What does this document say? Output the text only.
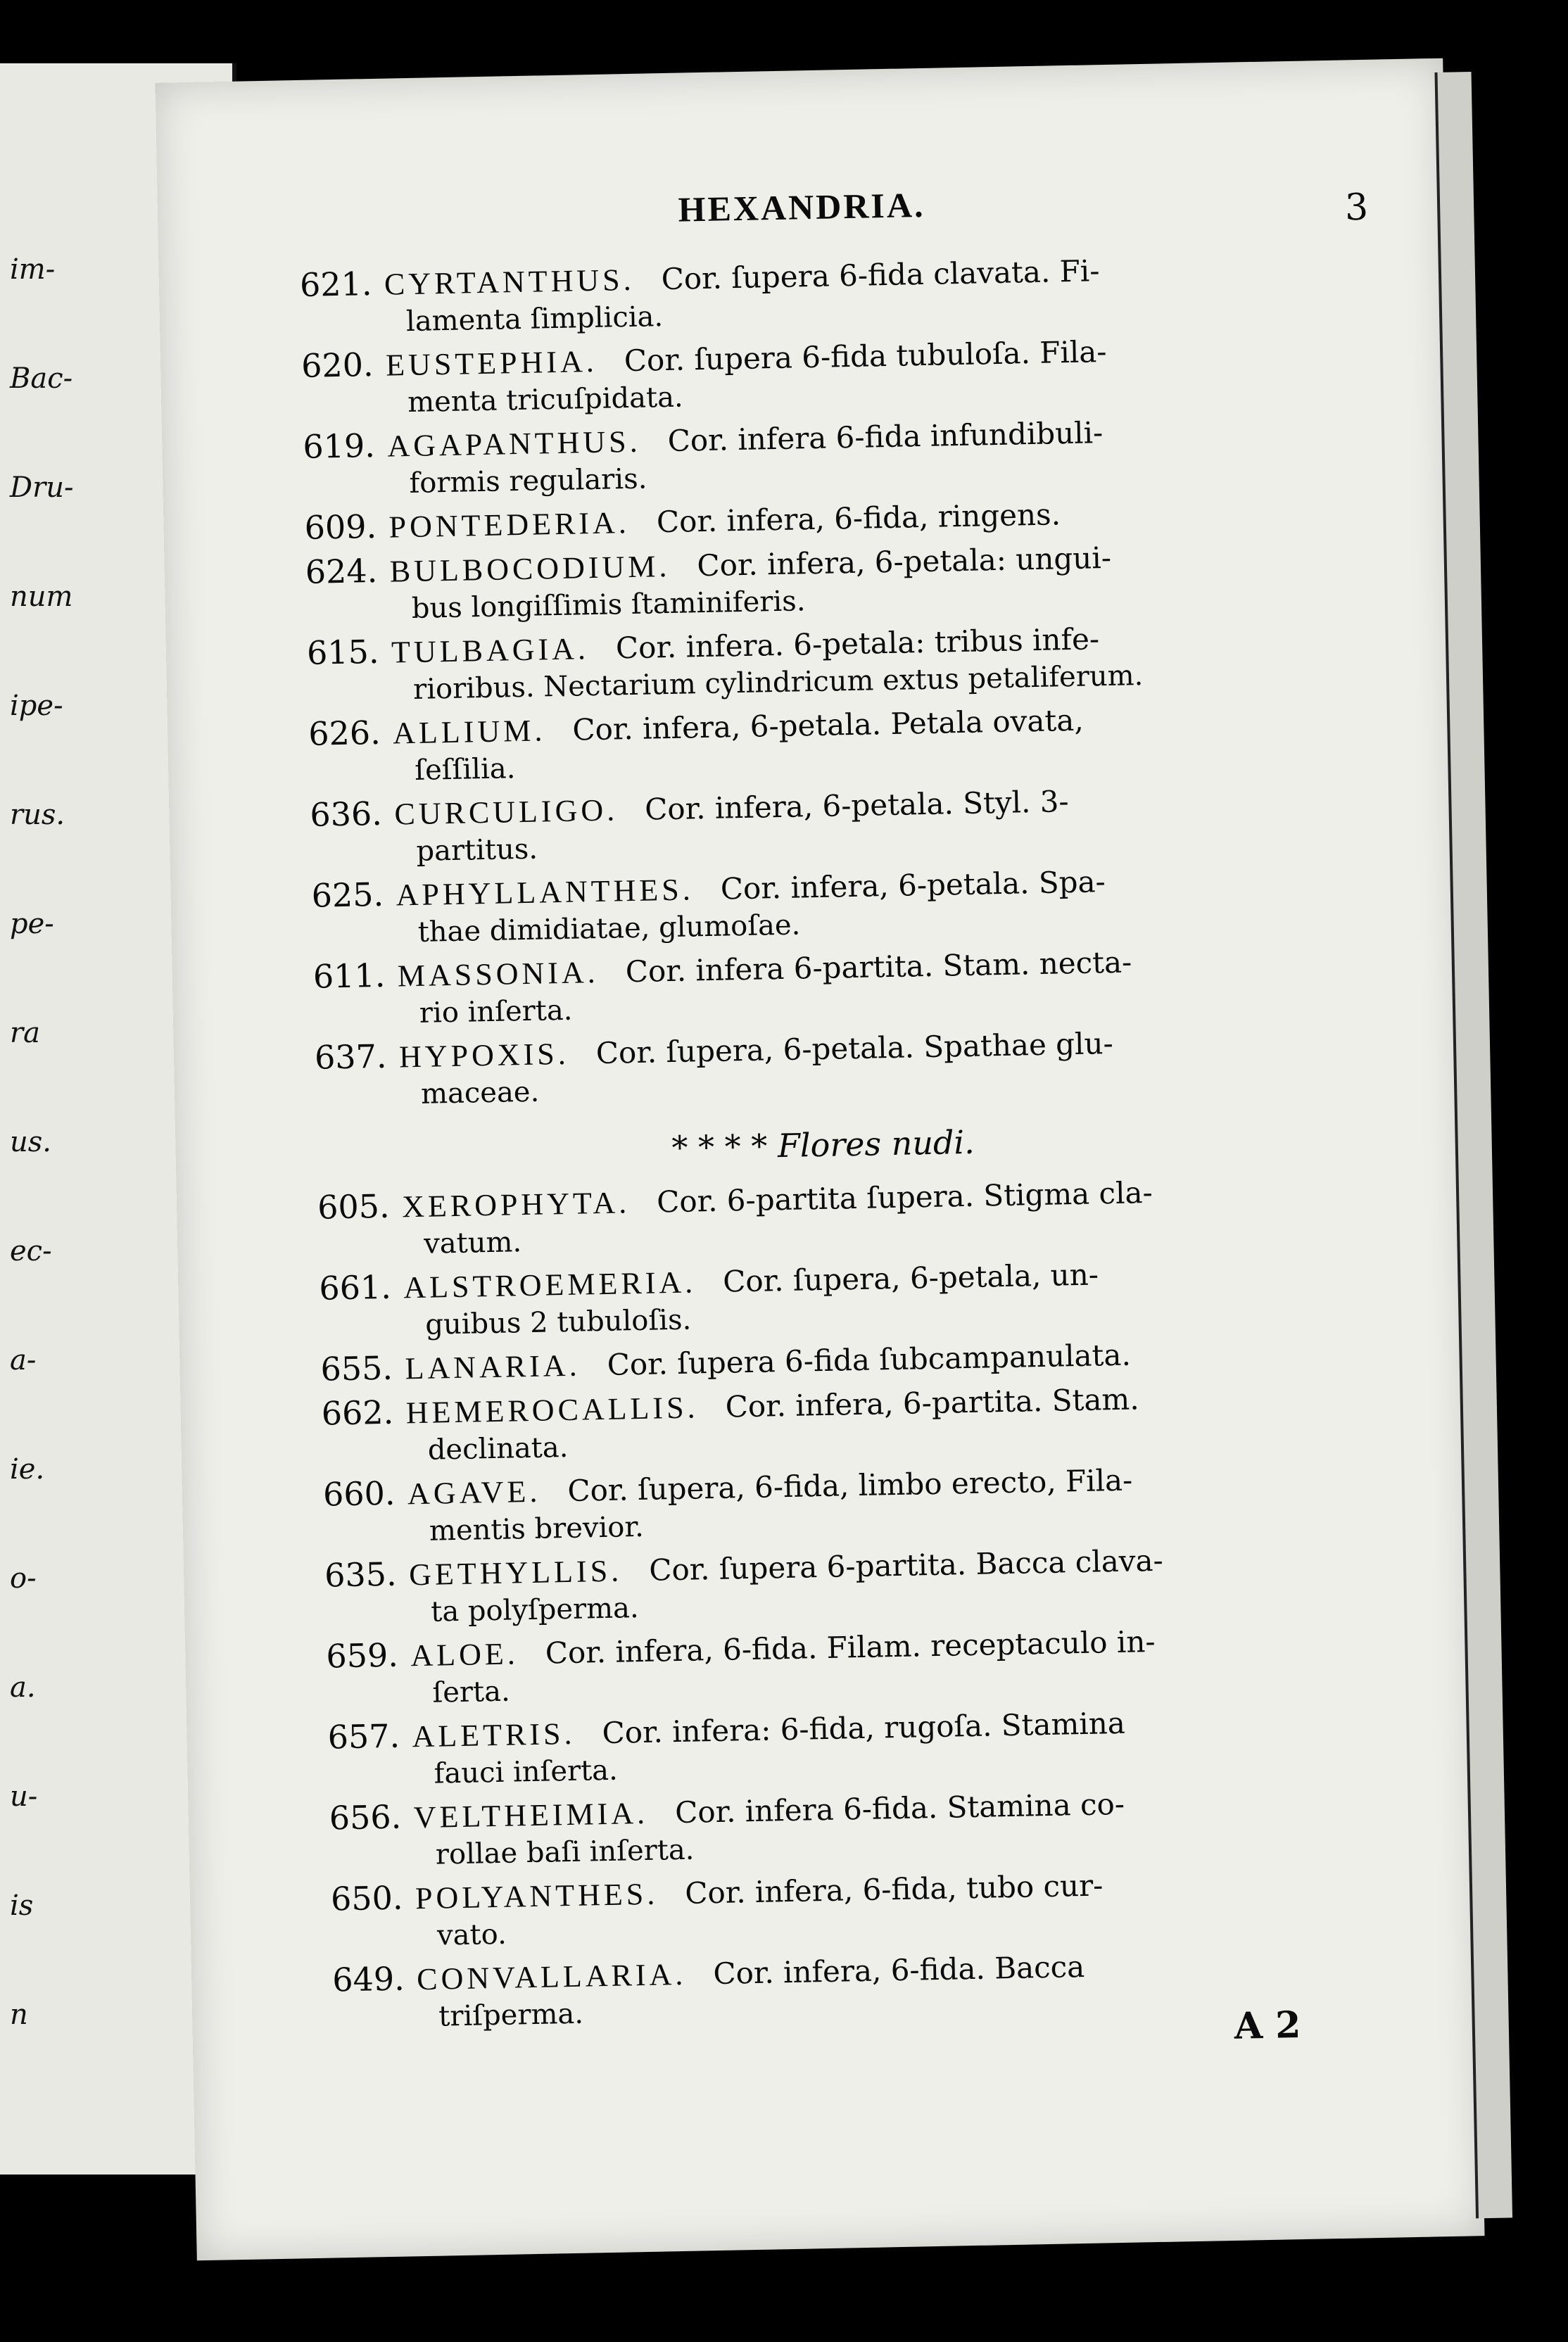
im-
Bac-
Dru-
num
ipe-
rus.
pe-
ra
us.
ec-
a-
ie.
o-
a.
u-
is
n
HEXANDRIA.	3
621. CYRTANTHUS. Cor. ſupera 6-fida clavata. Fi-
lamenta ſimplicia.
620. EUSTEPHIA. Cor. ſupera 6-fida tubuloſa. Fila-
menta tricuſpidata.
619. AGAPANTHUS. Cor. infera 6-fida infundibuli-
formis regularis.
609. PONTEDERIA. Cor. infera, 6-fida, ringens.
624. BULBOCODIUM. Cor. infera, 6-petala: ungui-
bus longiſſimis ſtaminiferis.
615. TULBAGIA. Cor. infera. 6-petala: tribus infe-
rioribus. Nectarium cylindricum extus petaliferum.
626. ALLIUM. Cor. infera, 6-petala. Petala ovata,
ſeſſilia.
636. CURCULIGO. Cor. infera, 6-petala. Styl. 3-
partitus.
625. APHYLLANTHES. Cor. infera, 6-petala. Spa-
thae dimidiatae, glumoſae.
611. MASSONIA. Cor. infera 6-partita. Stam. necta-
rio inſerta.
637. HYPOXIS. Cor. ſupera, 6-petala. Spathae glu-
maceae.
* * * * Flores nudi.
605. XEROPHYTA. Cor. 6-partita ſupera. Stigma cla-
vatum.
661. ALSTROEMERIA. Cor. ſupera, 6-petala, un-
guibus 2 tubuloſis.
655. LANARIA. Cor. ſupera 6-fida ſubcampanulata.
662. HEMEROCALLIS. Cor. infera, 6-partita. Stam.
declinata.
660. AGAVE. Cor. ſupera, 6-fida, limbo erecto, Fila-
mentis brevior.
635. GETHYLLIS. Cor. ſupera 6-partita. Bacca clava-
ta polyſperma.
659. ALOE. Cor. infera, 6-fida. Filam. receptaculo in-
ſerta.
657. ALETRIS. Cor. infera: 6-fida, rugoſa. Stamina
fauci inſerta.
656. VELTHEIMIA. Cor. infera 6-fida. Stamina co-
rollae baſi inſerta.
650. POLYANTHES. Cor. infera, 6-fida, tubo cur-
vato.
649. CONVALLARIA. Cor. infera, 6-fida. Bacca
triſperma.	A 2
